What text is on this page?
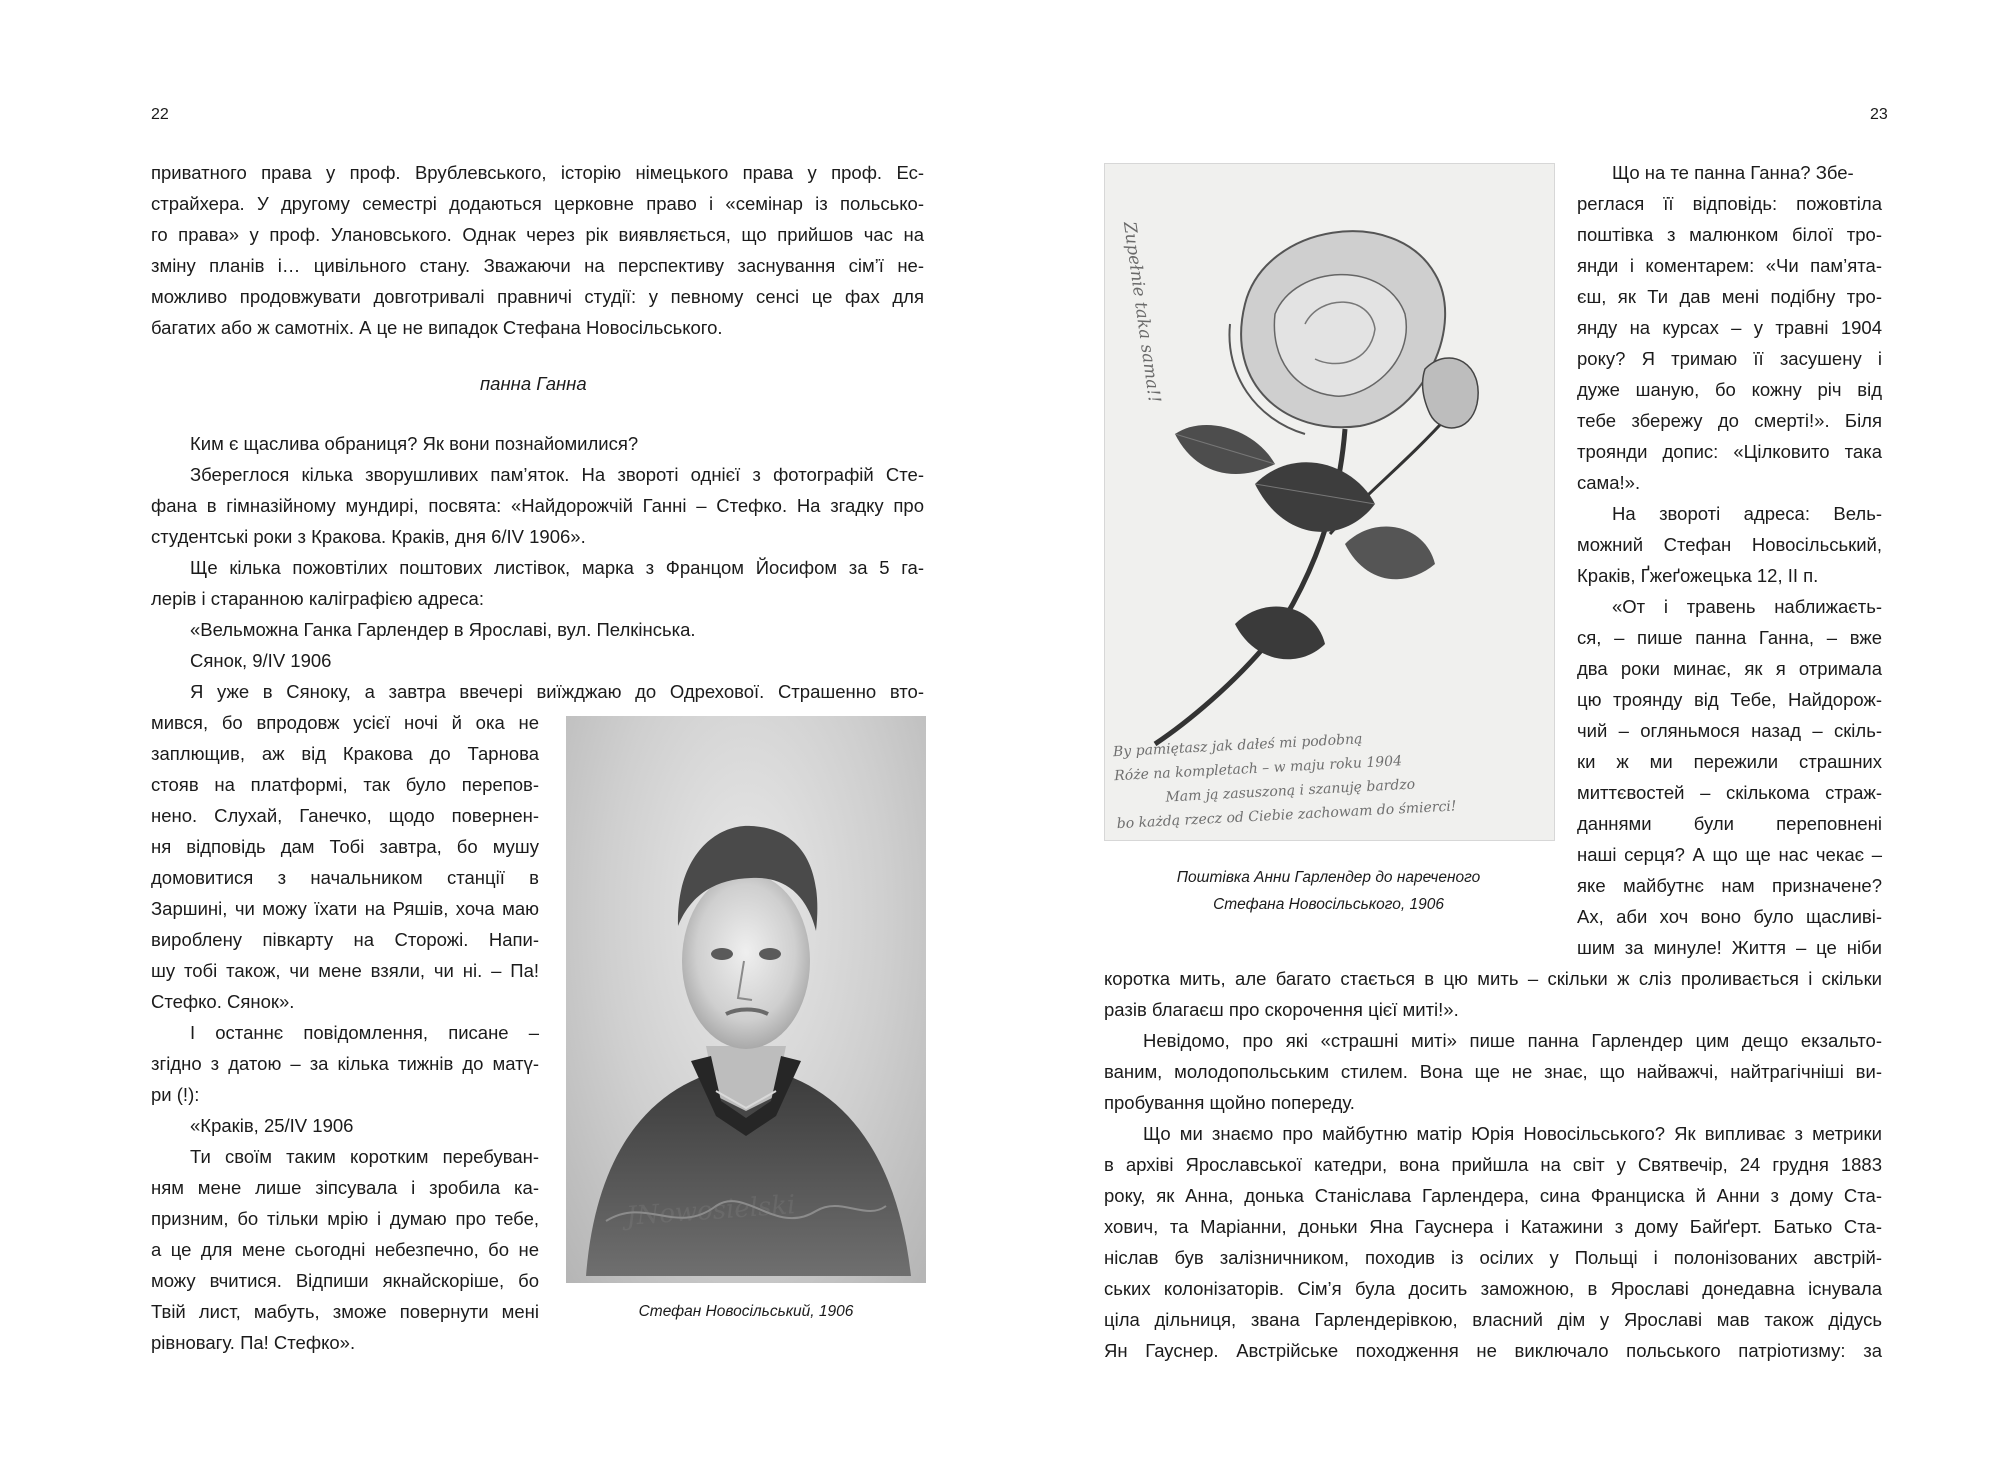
22
приватного права у проф. Врублевського, історію німецького права у проф. Ес-
страйхера. У другому семестрі додаються церковне право і «семінар із польсько-
го права» у проф. Улановського. Однак через рік виявляється, що прийшов час на
зміну планів і… цивільного стану. Зважаючи на перспективу заснування сім’ї не-
можливо продовжувати довготривалі правничі студії: у певному сенсі це фах для
багатих або ж самотніх. А це не випадок Стефана Новосільського.
панна Ганна
Ким є щаслива обраниця? Як вони познайомилися?
Збереглося кілька зворушливих пам’яток. На звороті однієї з фотографій Сте-
фана в гімназійному мундирі, посвята: «Найдорожчій Ганні – Стефко. На згадку про
студентські роки з Кракова. Краків, дня 6/IV 1906».
Ще кілька пожовтілих поштових листівок, марка з Францом Йосифом за 5 га-
лерів і старанною каліграфією адреса:
«Вельможна Ганка Гарлендер в Ярославі, вул. Пелкінська.
Сянок, 9/IV 1906
Я уже в Сяноку, а завтра ввечері виїжджаю до Одрехової. Страшенно вто-
мився, бо впродовж усієї ночі й ока не
заплющив, аж від Кракова до Тарнова
стояв на платформі, так було перепов-
нено. Слухай, Ганечко, щодо повернен-
ня відповідь дам Тобі завтра, бо мушу
домовитися з начальником станції в
Заршині, чи можу їхати на Ряшів, хоча маю
вироблену півкарту на Сторожі. Напи-
шу тобі також, чи мене взяли, чи ні. – Па!
Стефко. Сянок».
І останнє повідомлення, писане –
згідно з датою – за кілька тижнів до матү-
ри (!):
«Краків, 25/IV 1906
Ти своїм таким коротким перебуван-
ням мене лише зіпсувала і зробила ка-
призним, бо тільки мрію і думаю про тебе,
а це для мене сьогодні небезпечно, бо не
можу вчитися. Відпиши якнайскоріше, бо
Твій лист, мабуть, зможе повернути мені
рівновагу. Па! Стефко».
JNowosielski
Стефан Новосільський, 1906
23
Zupełnie taka sama!!
By pamiętasz jak dałeś mi podobną
Róże na kompletach – w maju roku 1904
Mam ją zasuszoną i szanuję bardzo
bo każdą rzecz od Ciebie zachowam do śmierci!
Поштівка Анни Гарлендер до нареченого
Стефана Новосільського, 1906
Що на те панна Ганна? Збе-
реглася її відповідь: пожовтіла
поштівка з малюнком білої тро-
янди і коментарем: «Чи пам’ята-
єш, як Ти дав мені подібну тро-
янду на курсах – у травні 1904
року? Я тримаю її засушену і
дуже шаную, бо кожну річ від
тебе збережу до смерті!». Біля
троянди допис: «Цілковито така
сама!».
На звороті адреса: Вель-
можний Стефан Новосільський,
Краків, Ґжеґожецька 12, II п.
«От і травень наближаєть-
ся, – пише панна Ганна, – вже
два роки минає, як я отримала
цю троянду від Тебе, Найдорож-
чий – огляньмося назад – скіль-
ки ж ми пережили страшних
миттєвостей – скількома страж-
даннями були переповнені
наші серця? А що ще нас чекає –
яке майбутнє нам призначене?
Ах, аби хоч воно було щасливі-
шим за минуле! Життя – це ніби
коротка мить, але багато стається в цю мить – скільки ж сліз проливається і скільки
разів благаєш про скорочення цієї миті!».
Невідомо, про які «страшні миті» пише панна Гарлендер цим дещо екзальто-
ваним, молодопольським стилем. Вона ще не знає, що найважчі, найтрагічніші ви-
пробування щойно попереду.
Що ми знаємо про майбутню матір Юрія Новосільського? Як випливає з метрики
в архіві Ярославської катедри, вона прийшла на світ у Святвечір, 24 грудня 1883
року, як Анна, донька Станіслава Гарлендера, сина Франциска й Анни з дому Ста-
хович, та Маріанни, доньки Яна Гауснера і Катажини з дому Байґерт. Батько Ста-
ніслав був залізничником, походив із осілих у Польщі і полонізованих австрій-
ських колонізаторів. Сім’я була досить заможною, в Ярославі донедавна існувала
ціла дільниця, звана Гарлендерівкою, власний дім у Ярославі мав також дідусь
Ян Гауснер. Австрійське походження не виключало польського патріотизму: за
